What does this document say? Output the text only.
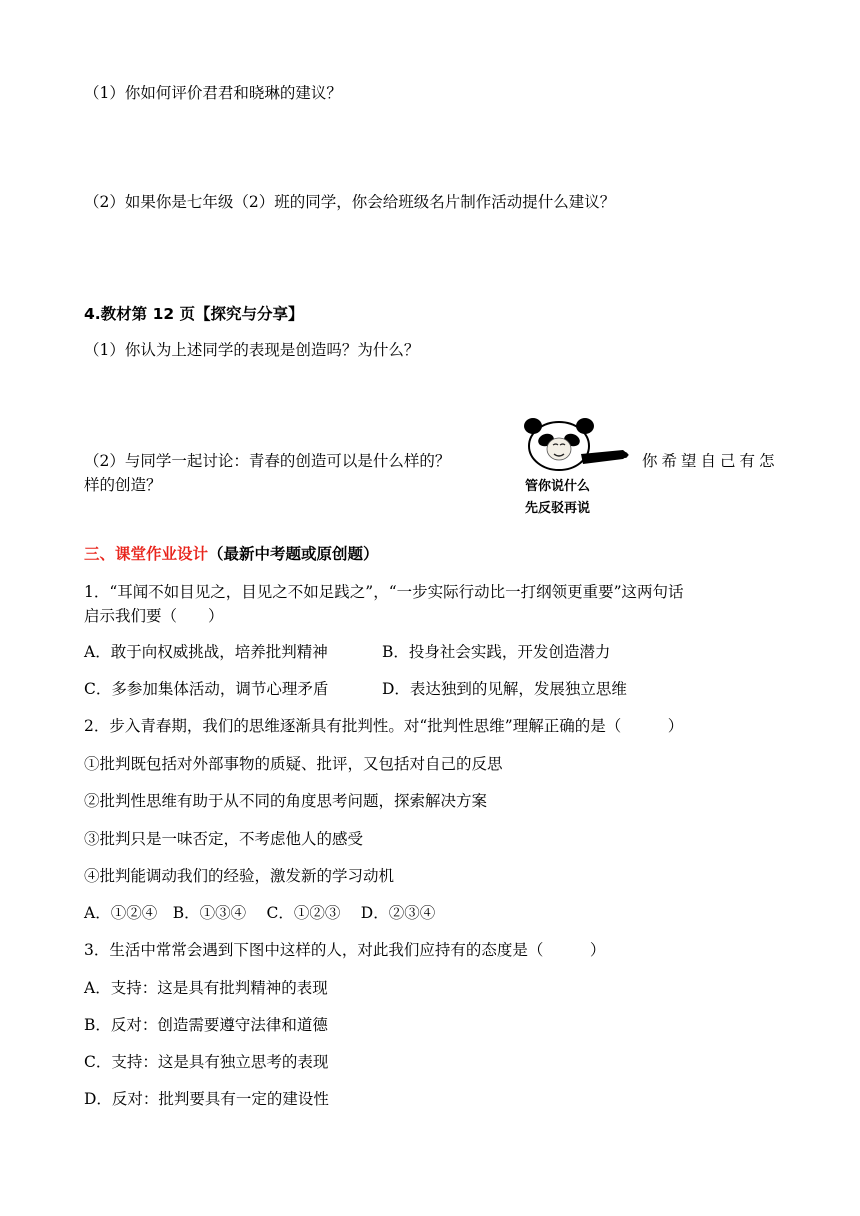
（1）你如何评价君君和晓琳的建议？
（2）如果你是七年级（2）班的同学，你会给班级名片制作活动提什么建议？
4.教材第 12 页【探究与分享】
（1）你认为上述同学的表现是创造吗？为什么？
（2）与同学一起讨论：青春的创造可以是什么样的？	你希望自己有怎
样的创造？	管你说什么
先反驳再说
三、课堂作业设计（最新中考题或原创题）
1．“耳闻不如目见之，目见之不如足践之”，“一步实际行动比一打纲领更重要”这两句话
启示我们要（　　）
A．敢于向权威挑战，培养批判精神	B．投身社会实践，开发创造潜力
C．多参加集体活动，调节心理矛盾	D．表达独到的见解，发展独立思维
2．步入青春期，我们的思维逐渐具有批判性。对“批判性思维”理解正确的是（　　　）
①批判既包括对外部事物的质疑、批评，又包括对自己的反思
②批判性思维有助于从不同的角度思考问题，探索解决方案
③批判只是一味否定，不考虑他人的感受
④批判能调动我们的经验，激发新的学习动机
A．①②④　B．①③④　 C．①②③　 D．②③④
3．生活中常常会遇到下图中这样的人，对此我们应持有的态度是（　　　）
A．支持：这是具有批判精神的表现
B．反对：创造需要遵守法律和道德
C．支持：这是具有独立思考的表现
D．反对：批判要具有一定的建设性
